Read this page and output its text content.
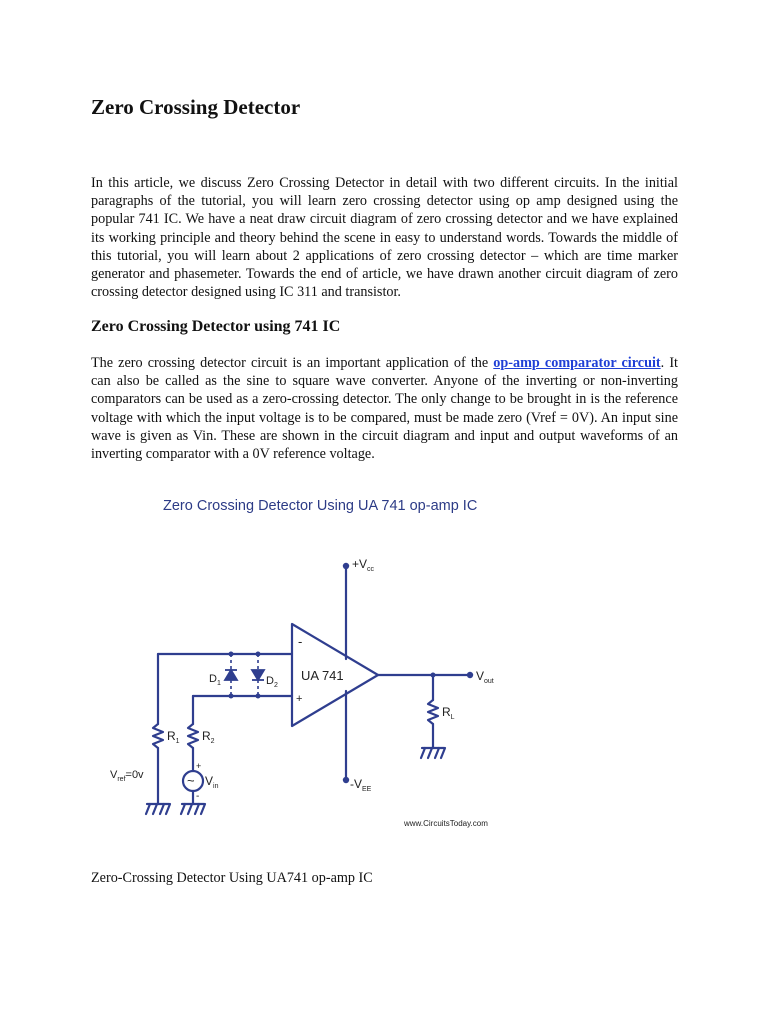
Zero Crossing Detector

In this article, we discuss Zero Crossing Detector in detail with two different circuits. In the initial paragraphs of the tutorial, you will learn zero crossing detector using op amp designed using the popular 741 IC. We have a neat draw circuit diagram of zero crossing detector and we have explained its working principle and theory behind the scene in easy to understand words. Towards the middle of this tutorial, you will learn about 2 applications of zero crossing detector – which are time marker generator and phasemeter. Towards the end of article, we have drawn another circuit diagram of zero crossing detector designed using IC 311 and transistor.

Zero Crossing Detector using 741 IC

The zero crossing detector circuit is an important application of the op-amp comparator circuit. It can also be called as the sine to square wave converter. Anyone of the inverting or non-inverting comparators can be used as a zero-crossing detector. The only change to be brought in is the reference voltage with which the input voltage is to be compared, must be made zero (Vref = 0V). An input sine wave is given as Vin. These are shown in the circuit diagram and input and output waveforms of an inverting comparator with a 0V reference voltage.

Zero Crossing Detector Using UA 741 op-amp IC
UA 741
-
+
$+V_{cc}$
$-V_{EE}$
$V_{out}$
$R_L$
$R_1$ $R_2$
$D_1$	$D_2$
$V_{in}$
$V_{ref}=0v$
+
-
~
www.CircuitsToday.com

Zero-Crossing Detector Using UA741 op-amp IC
